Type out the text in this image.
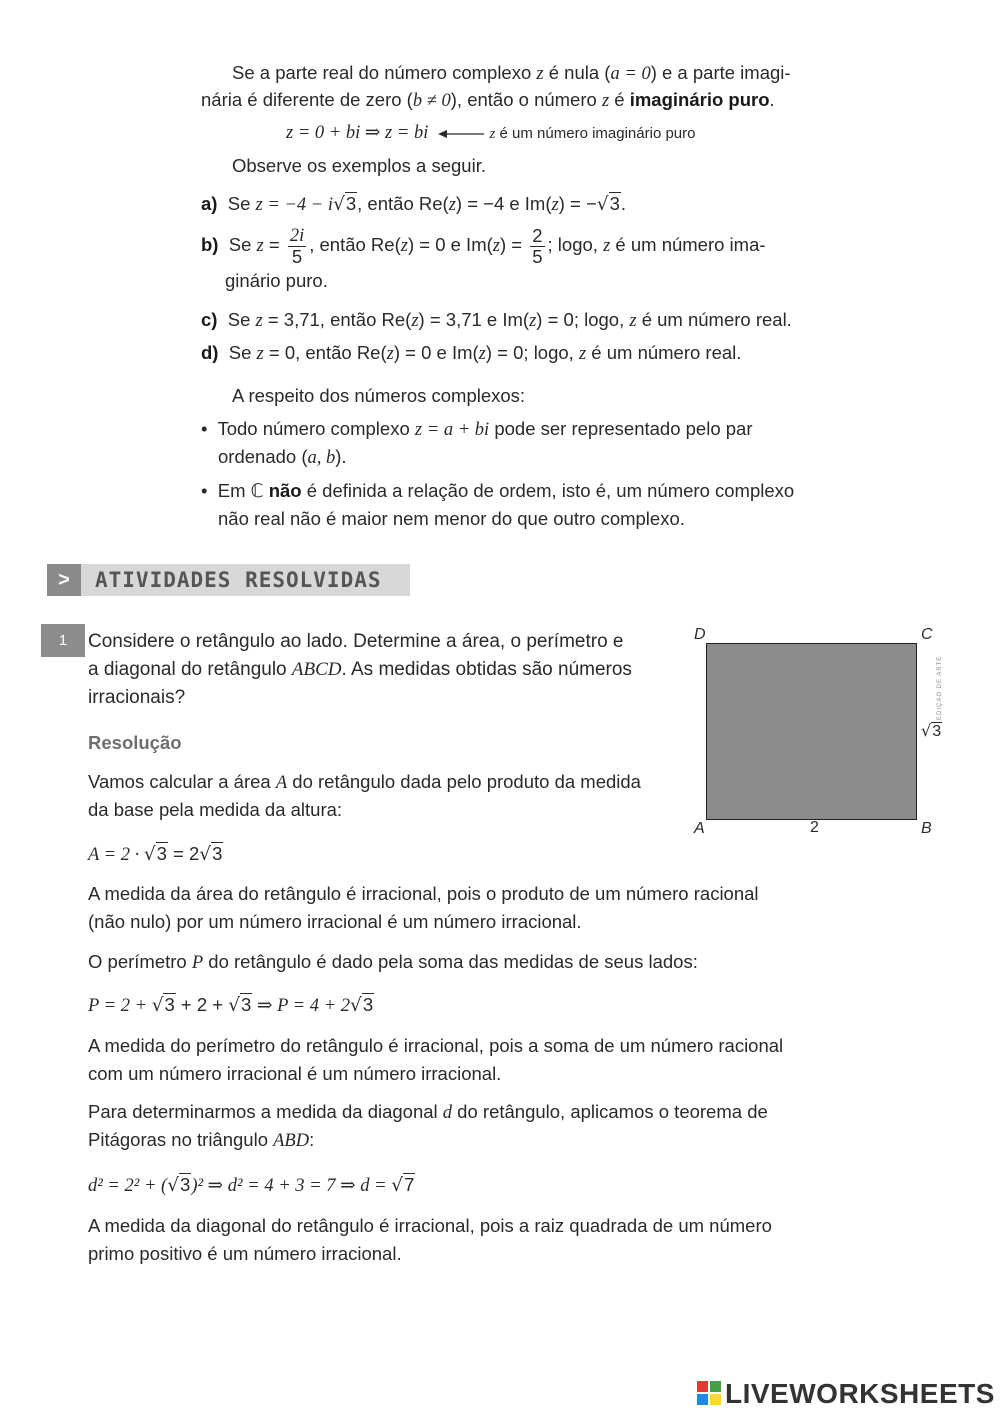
Se a parte real do número complexo z é nula (a = 0) e a parte imagi-
nária é diferente de zero (b ≠ 0), então o número z é imaginário puro.
z = 0 + bi ⇒ z = bi	z é um número imaginário puro
Observe os exemplos a seguir.
a) Se z = −4 − i√3, então Re(z) = −4 e Im(z) = −√3.
b) Se $z = \frac{2i}{5}$ , então Re(z) = 0 e $Im(z) = \frac{2}{5}$ ; logo, z é um número ima-
ginário puro.
c) Se z = 3,71, então Re(z) = 3,71 e Im(z) = 0; logo, z é um número real.
d) Se z = 0, então Re(z) = 0 e Im(z) = 0; logo, z é um número real.
A respeito dos números complexos:
• Todo número complexo z = a + bi pode ser representado pelo par
ordenado (a, b).
• Em ℂ não é definida a relação de ordem, isto é, um número complexo
não real não é maior nem menor do que outro complexo.
>	ATIVIDADES RESOLVIDAS
1	Considere o retângulo ao lado. Determine a área, o perímetro e
a diagonal do retângulo ABCD. As medidas obtidas são números
irracionais?
Resolução
Vamos calcular a área A do retângulo dada pelo produto da medida
da base pela medida da altura:
A = 2 · √3 = 2√3
A medida da área do retângulo é irracional, pois o produto de um número racional
(não nulo) por um número irracional é um número irracional.
O perímetro P do retângulo é dado pela soma das medidas de seus lados:
P = 2 + √3 + 2 + √3 ⇒ P = 4 + 2√3
A medida do perímetro do retângulo é irracional, pois a soma de um número racional
com um número irracional é um número irracional.
Para determinarmos a medida da diagonal d do retângulo, aplicamos o teorema de
Pitágoras no triângulo ABD:
d² = 2² + (√3)² ⇒ d² = 4 + 3 = 7 ⇒ d = √7
A medida da diagonal do retângulo é irracional, pois a raiz quadrada de um número
primo positivo é um número irracional.
D	C
A	B
2
√3
EDIÇÃO DE ARTE
LIVEWORKSHEETS
